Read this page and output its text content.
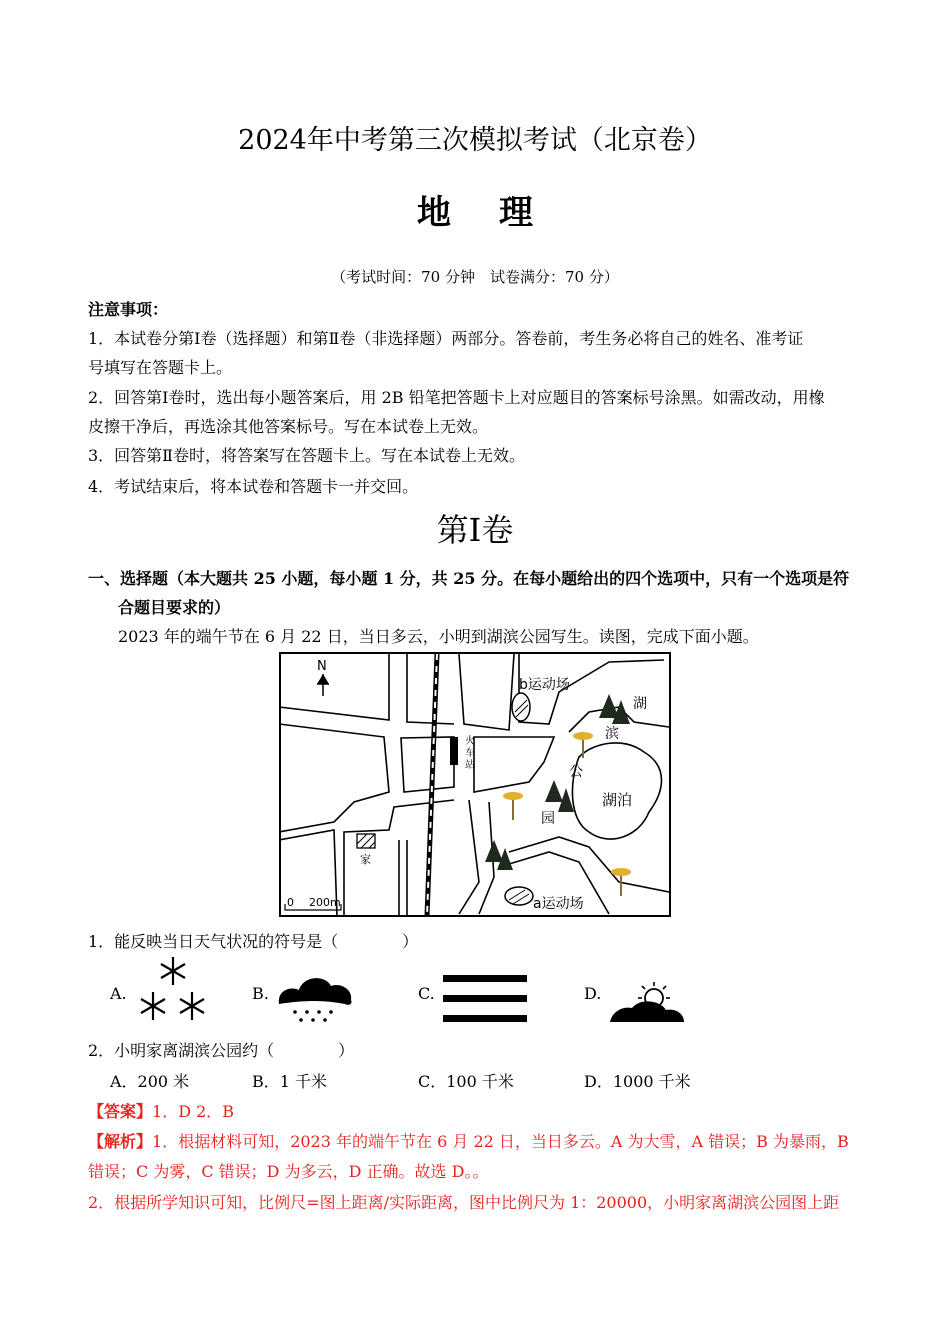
2024年中考第三次模拟考试（北京卷）
地理
（考试时间：70 分钟　试卷满分：70 分）
注意事项：
1．本试卷分第Ⅰ卷（选择题）和第Ⅱ卷（非选择题）两部分。答卷前，考生务必将自己的姓名、准考证
号填写在答题卡上。
2．回答第Ⅰ卷时，选出每小题答案后，用 2B 铅笔把答题卡上对应题目的答案标号涂黑。如需改动，用橡
皮擦干净后，再选涂其他答案标号。写在本试卷上无效。
3．回答第Ⅱ卷时，将答案写在答题卡上。写在本试卷上无效。
4．考试结束后，将本试卷和答题卡一并交回。
第Ⅰ卷
一、选择题（本大题共 25 小题，每小题 1 分，共 25 分。在每小题给出的四个选项中，只有一个选项是符
合题目要求的）
2023 年的端午节在 6 月 22 日，当日多云，小明到湖滨公园写生。读图，完成下面小题。
火
车
站
N
b运动场
a运动场
家
湖
滨
公
园
湖泊
0 200m
1．能反映当日天气状况的符号是（　　　　）
A.	B.	C.	D.
2．小明家离湖滨公园约（　　　　）
A．200 米	B．1 千米	C．100 千米	D．1000 千米
【答案】1．D 2．B
【解析】1．根据材料可知，2023 年的端午节在 6 月 22 日，当日多云。A 为大雪，A 错误；B 为暴雨，B
错误；C 为雾，C 错误；D 为多云，D 正确。故选 D。。
2．根据所学知识可知，比例尺=图上距离/实际距离，图中比例尺为 1：20000，小明家离湖滨公园图上距
